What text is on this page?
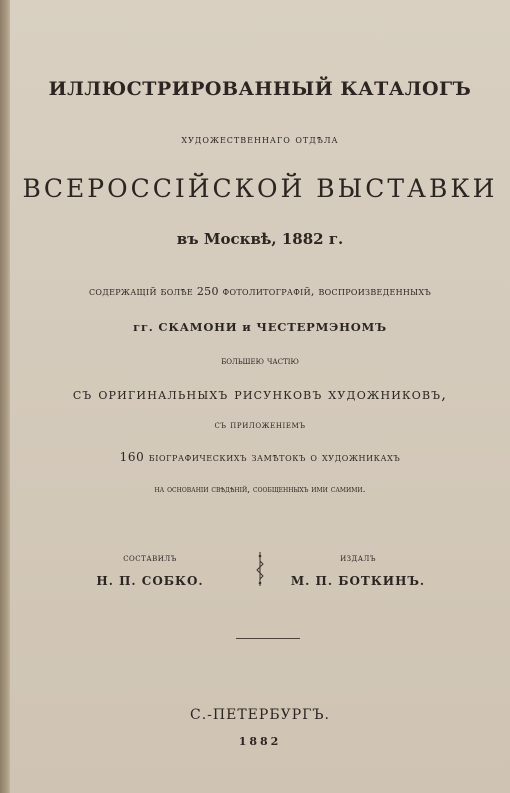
ИЛЛЮСТРИРОВАННЫЙ КАТАЛОГЪ
художественнаго отдѣла
ВСЕРОССІЙСКОЙ ВЫСТАВКИ
въ Москвѣ, 1882 г.
содержащій болѣе 250 фотолитографій, воспроизведенныхъ
гг. СКАМОНИ и ЧЕСТЕРМЭНОМЪ
большею частію
съ оригинальныхъ рисунковъ художниковъ,
съ приложеніемъ
160 біографическихъ замѣтокъ о художникахъ
на основаніи свѣдѣній, сообщенныхъ ими самими.
составилъ
Н. П. СОБКО.
издалъ
М. П. БОТКИНЪ.
С.-ПЕТЕРБУРГЪ.
1882
